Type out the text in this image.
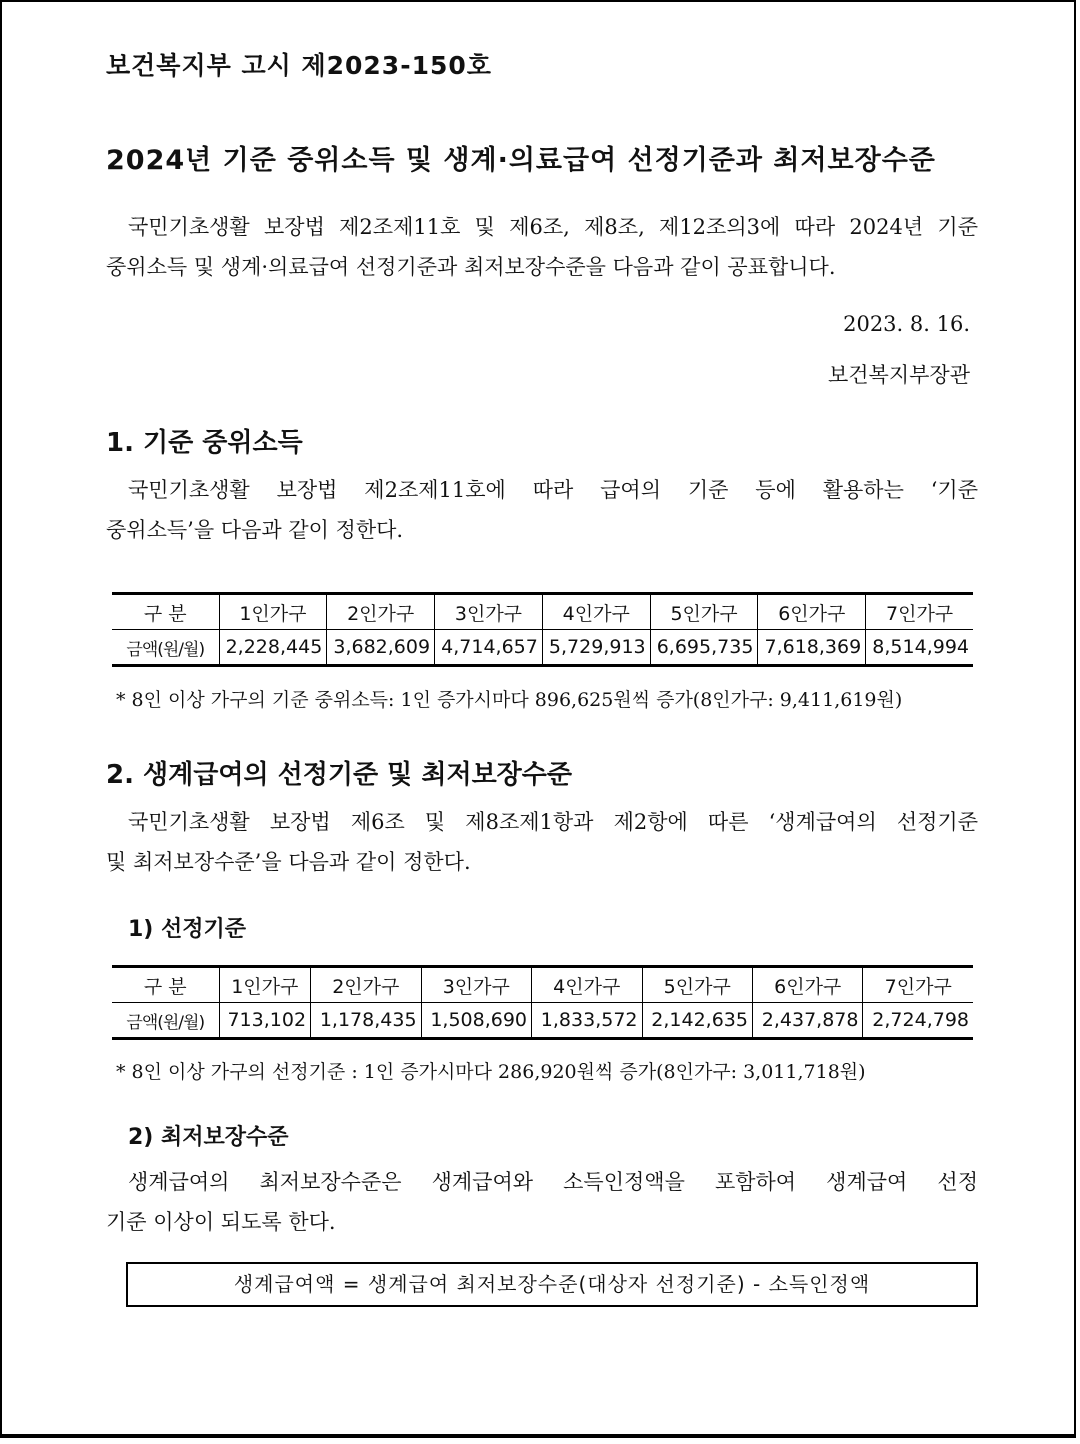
보건복지부 고시 제2023-150호
2024년 기준 중위소득 및 생계·의료급여 선정기준과 최저보장수준
국민기초생활 보장법 제2조제11호 및 제6조, 제8조, 제12조의3에 따라 2024년 기준
중위소득 및 생계·의료급여 선정기준과 최저보장수준을 다음과 같이 공표합니다.
2023. 8. 16.
보건복지부장관
1. 기준 중위소득
국민기초생활 보장법 제2조제11호에 따라 급여의 기준 등에 활용하는 ‘기준
중위소득’을 다음과 같이 정한다.
구 분	1인가구	2인가구	3인가구	4인가구	5인가구	6인가구	7인가구
금액(원/월)	2,228,445	3,682,609	4,714,657	5,729,913	6,695,735	7,618,369	8,514,994
* 8인 이상 가구의 기준 중위소득: 1인 증가시마다 896,625원씩 증가(8인가구: 9,411,619원)
2. 생계급여의 선정기준 및 최저보장수준
국민기초생활 보장법 제6조 및 제8조제1항과 제2항에 따른 ‘생계급여의 선정기준
및 최저보장수준’을 다음과 같이 정한다.
1) 선정기준
구 분	1인가구	2인가구	3인가구	4인가구	5인가구	6인가구	7인가구
금액(원/월)	713,102	1,178,435	1,508,690	1,833,572	2,142,635	2,437,878	2,724,798
* 8인 이상 가구의 선정기준 : 1인 증가시마다 286,920원씩 증가(8인가구: 3,011,718원)
2) 최저보장수준
생계급여의 최저보장수준은 생계급여와 소득인정액을 포함하여 생계급여 선정
기준 이상이 되도록 한다.
생계급여액 = 생계급여 최저보장수준(대상자 선정기준) - 소득인정액
